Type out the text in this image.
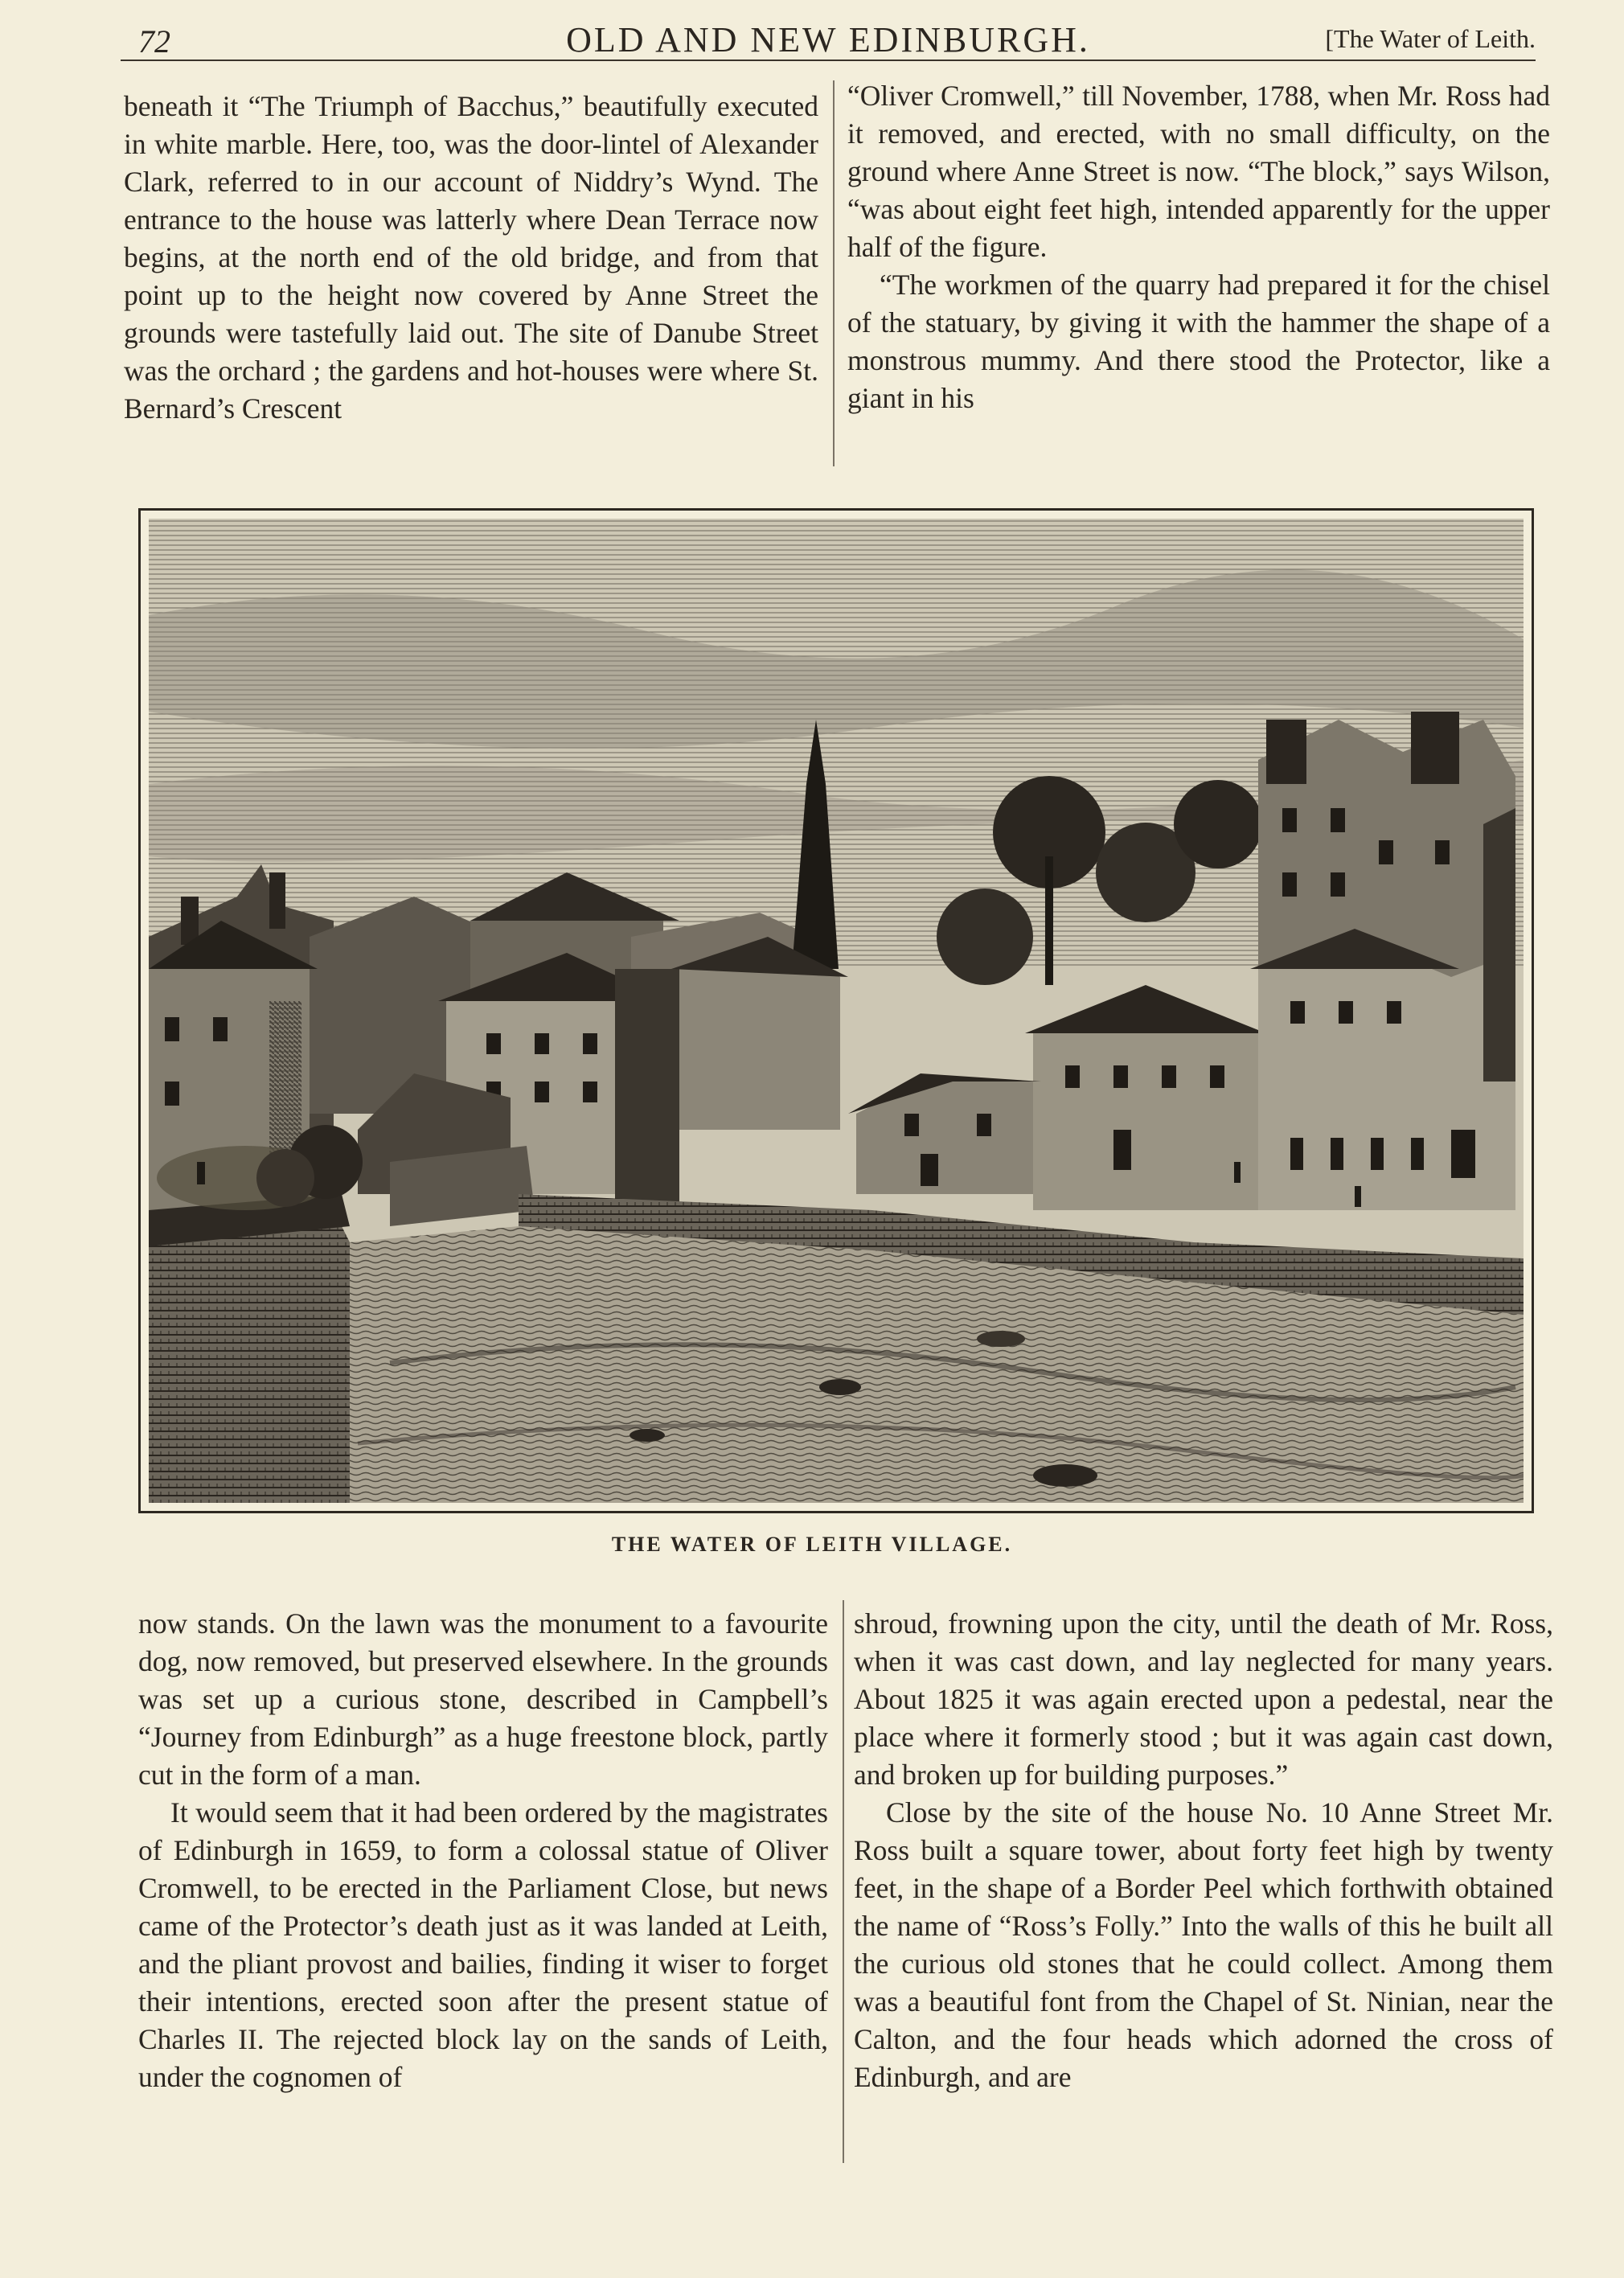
72	OLD AND NEW EDINBURGH.	[The Water of Leith.

beneath it “The Triumph of Bacchus,” beautifully executed in white marble. Here, too, was the door-lintel of Alexander Clark, referred to in our account of Niddry’s Wynd. The entrance to the house was latterly where Dean Terrace now begins, at the north end of the old bridge, and from that point up to the height now covered by Anne Street the grounds were tastefully laid out. The site of Danube Street was the orchard ; the gardens and hot-houses were where St. Bernard’s Crescent

“Oliver Cromwell,” till November, 1788, when Mr. Ross had it removed, and erected, with no small difficulty, on the ground where Anne Street is now. “The block,” says Wilson, “was about eight feet high, intended apparently for the upper half of the figure.

“The workmen of the quarry had prepared it for the chisel of the statuary, by giving it with the hammer the shape of a monstrous mummy. And there stood the Protector, like a giant in his

THE WATER OF LEITH VILLAGE.

now stands. On the lawn was the monument to a favourite dog, now removed, but preserved elsewhere. In the grounds was set up a curious stone, described in Campbell’s “Journey from Edinburgh” as a huge freestone block, partly cut in the form of a man.

It would seem that it had been ordered by the magistrates of Edinburgh in 1659, to form a colossal statue of Oliver Cromwell, to be erected in the Parliament Close, but news came of the Protector’s death just as it was landed at Leith, and the pliant provost and bailies, finding it wiser to forget their intentions, erected soon after the present statue of Charles II. The rejected block lay on the sands of Leith, under the cognomen of

shroud, frowning upon the city, until the death of Mr. Ross, when it was cast down, and lay neglected for many years. About 1825 it was again erected upon a pedestal, near the place where it formerly stood ; but it was again cast down, and broken up for building purposes.”

Close by the site of the house No. 10 Anne Street Mr. Ross built a square tower, about forty feet high by twenty feet, in the shape of a Border Peel which forthwith obtained the name of “Ross’s Folly.” Into the walls of this he built all the curious old stones that he could collect. Among them was a beautiful font from the Chapel of St. Ninian, near the Calton, and the four heads which adorned the cross of Edinburgh, and are
